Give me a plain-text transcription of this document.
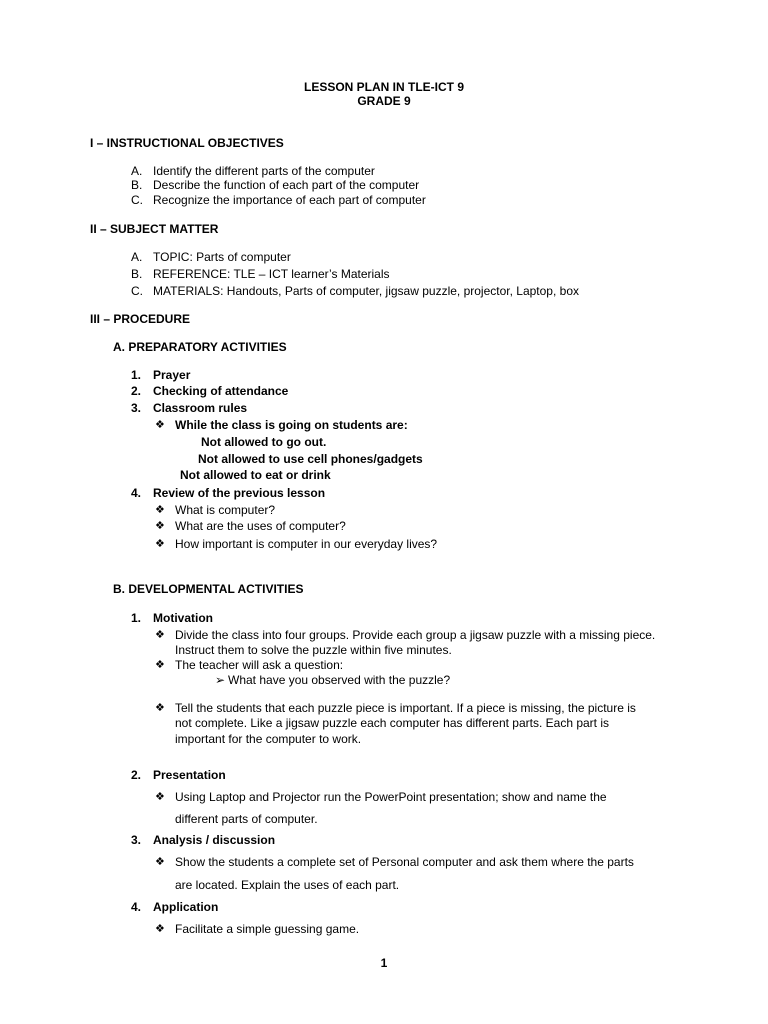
LESSON PLAN IN TLE-ICT 9
GRADE 9
I – INSTRUCTIONAL OBJECTIVES
A. Identify the different parts of the computer
B. Describe the function of each part of the computer
C. Recognize the importance of each part of computer
II – SUBJECT MATTER
A. TOPIC: Parts of computer
B. REFERENCE: TLE – ICT learner’s Materials
C. MATERIALS: Handouts, Parts of computer, jigsaw puzzle, projector, Laptop, box
III – PROCEDURE
A. PREPARATORY ACTIVITIES
1. Prayer
2. Checking of attendance
3. Classroom rules
❖ While the class is going on students are:
Not allowed to go out.
Not allowed to use cell phones/gadgets
Not allowed to eat or drink
4. Review of the previous lesson
❖ What is computer?
❖ What are the uses of computer?
❖ How important is computer in our everyday lives?
B. DEVELOPMENTAL ACTIVITIES
1. Motivation
❖ Divide the class into four groups. Provide each group a jigsaw puzzle with a missing piece.
Instruct them to solve the puzzle within five minutes.
❖ The teacher will ask a question:
➢ What have you observed with the puzzle?
❖ Tell the students that each puzzle piece is important. If a piece is missing, the picture is
not complete. Like a jigsaw puzzle each computer has different parts. Each part is
important for the computer to work.
2. Presentation
❖ Using Laptop and Projector run the PowerPoint presentation; show and name the
different parts of computer.
3. Analysis / discussion
❖ Show the students a complete set of Personal computer and ask them where the parts
are located. Explain the uses of each part.
4. Application
❖ Facilitate a simple guessing game.
1
